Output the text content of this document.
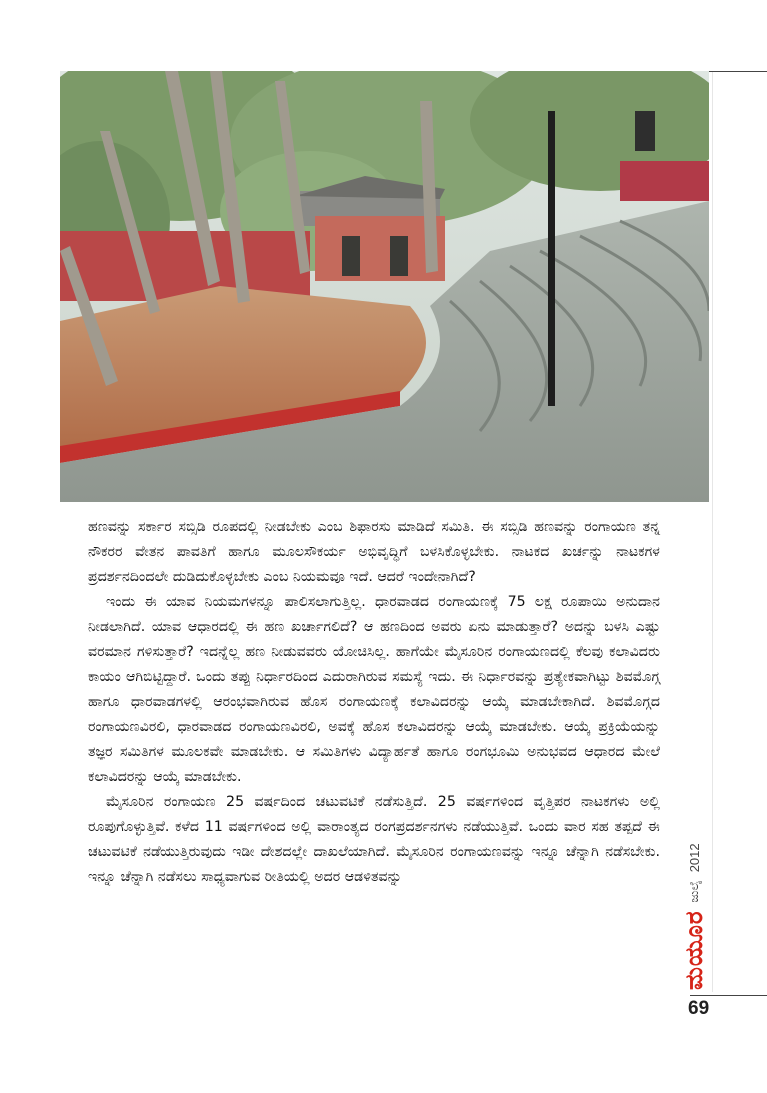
ಹಣವನ್ನು ಸರ್ಕಾರ ಸಬ್ಸಿಡಿ ರೂಪದಲ್ಲಿ ನೀಡಬೇಕು ಎಂಬ ಶಿಫಾರಸು ಮಾಡಿದೆ ಸಮಿತಿ. ಈ ಸಬ್ಸಿಡಿ ಹಣವನ್ನು ರಂಗಾಯಣ ತನ್ನ ನೌಕರರ ವೇತನ ಪಾವತಿಗೆ ಹಾಗೂ ಮೂಲಸೌಕರ್ಯ ಅಭಿವೃದ್ಧಿಗೆ ಬಳಸಿಕೊಳ್ಳಬೇಕು. ನಾಟಕದ ಖರ್ಚನ್ನು ನಾಟಕಗಳ ಪ್ರದರ್ಶನದಿಂದಲೇ ದುಡಿದುಕೊಳ್ಳಬೇಕು ಎಂಬ ನಿಯಮವೂ ಇದೆ. ಆದರೆ ಇಂದೇನಾಗಿದೆ?

ಇಂದು ಈ ಯಾವ ನಿಯಮಗಳನ್ನೂ ಪಾಲಿಸಲಾಗುತ್ತಿಲ್ಲ. ಧಾರವಾಡದ ರಂಗಾಯಣಕ್ಕೆ 75 ಲಕ್ಷ ರೂಪಾಯಿ ಅನುದಾನ ನೀಡಲಾಗಿದೆ. ಯಾವ ಆಧಾರದಲ್ಲಿ ಈ ಹಣ ಖರ್ಚಾಗಲಿದೆ? ಆ ಹಣದಿಂದ ಅವರು ಏನು ಮಾಡುತ್ತಾರೆ? ಅದನ್ನು ಬಳಸಿ ಎಷ್ಟು ವರಮಾನ ಗಳಿಸುತ್ತಾರೆ? ಇದನ್ನೆಲ್ಲ ಹಣ ನೀಡುವವರು ಯೋಚಿಸಿಲ್ಲ. ಹಾಗೆಯೇ ಮೈಸೂರಿನ ರಂಗಾಯಣದಲ್ಲಿ ಕೆಲವು ಕಲಾವಿದರು ಕಾಯಂ ಆಗಿಬಿಟ್ಟಿದ್ದಾರೆ. ಒಂದು ತಪ್ಪು ನಿರ್ಧಾರದಿಂದ ಎದುರಾಗಿರುವ ಸಮಸ್ಯೆ ಇದು. ಈ ನಿರ್ಧಾರವನ್ನು ಪ್ರತ್ಯೇಕವಾಗಿಟ್ಟು ಶಿವಮೊಗ್ಗ ಹಾಗೂ ಧಾರವಾಡಗಳಲ್ಲಿ ಆರಂಭವಾಗಿರುವ ಹೊಸ ರಂಗಾಯಣಕ್ಕೆ ಕಲಾವಿದರನ್ನು ಆಯ್ಕೆ ಮಾಡಬೇಕಾಗಿದೆ. ಶಿವಮೊಗ್ಗದ ರಂಗಾಯಣವಿರಲಿ, ಧಾರವಾಡದ ರಂಗಾಯಣವಿರಲಿ, ಅವಕ್ಕೆ ಹೊಸ ಕಲಾವಿದರನ್ನು ಆಯ್ಕೆ ಮಾಡಬೇಕು. ಆಯ್ಕೆ ಪ್ರಕ್ರಿಯೆಯನ್ನು ತಜ್ಞರ ಸಮಿತಿಗಳ ಮೂಲಕವೇ ಮಾಡಬೇಕು. ಆ ಸಮಿತಿಗಳು ವಿದ್ಯಾರ್ಹತೆ ಹಾಗೂ ರಂಗಭೂಮಿ ಅನುಭವದ ಆಧಾರದ ಮೇಲೆ ಕಲಾವಿದರನ್ನು ಆಯ್ಕೆ ಮಾಡಬೇಕು.

ಮೈಸೂರಿನ ರಂಗಾಯಣ 25 ವರ್ಷದಿಂದ ಚಟುವಟಿಕೆ ನಡೆಸುತ್ತಿದೆ. 25 ವರ್ಷಗಳಿಂದ ವೃತ್ತಿಪರ ನಾಟಕಗಳು ಅಲ್ಲಿ ರೂಪುಗೊಳ್ಳುತ್ತಿವೆ. ಕಳೆದ 11 ವರ್ಷಗಳಿಂದ ಅಲ್ಲಿ ವಾರಾಂತ್ಯದ ರಂಗಪ್ರದರ್ಶನಗಳು ನಡೆಯುತ್ತಿವೆ. ಒಂದು ವಾರ ಸಹ ತಪ್ಪದೆ ಈ ಚಟುವಟಿಕೆ ನಡೆಯುತ್ತಿರುವುದು ಇಡೀ ದೇಶದಲ್ಲೇ ದಾಖಲೆಯಾಗಿದೆ. ಮೈಸೂರಿನ ರಂಗಾಯಣವನ್ನು ಇನ್ನೂ ಚೆನ್ನಾಗಿ ನಡೆಸಬೇಕು. ಇನ್ನೂ ಚೆನ್ನಾಗಿ ನಡೆಸಲು ಸಾಧ್ಯವಾಗುವ ರೀತಿಯಲ್ಲಿ ಅದರ ಆಡಳಿತವನ್ನು

ಮಯೂರ
ಜುಲೈ
2012
69
